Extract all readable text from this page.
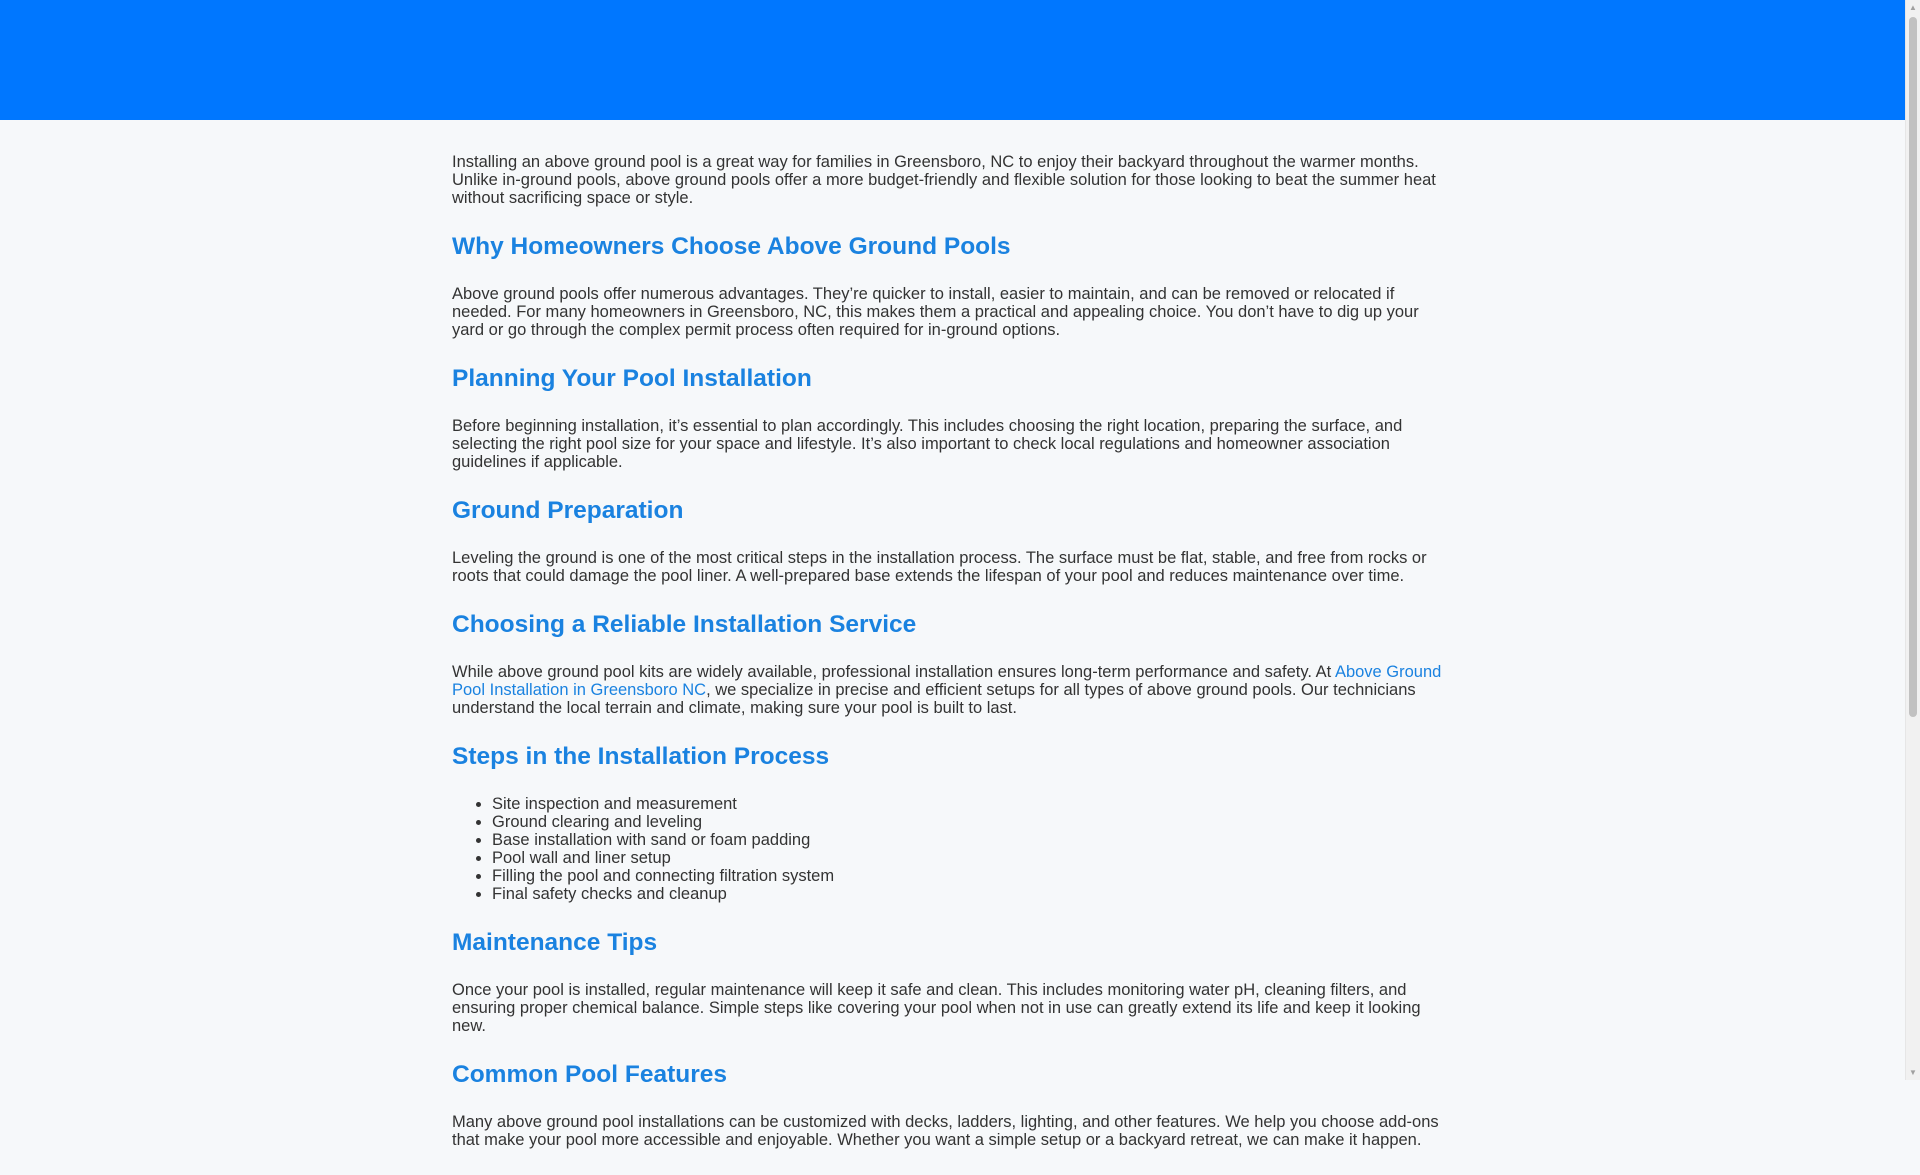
Installing an above ground pool is a great way for families in Greensboro, NC to enjoy their backyard throughout the warmer months. Unlike in-ground pools, above ground pools offer a more budget-friendly and flexible solution for those looking to beat the summer heat without sacrificing space or style.

Why Homeowners Choose Above Ground Pools

Above ground pools offer numerous advantages. They’re quicker to install, easier to maintain, and can be removed or relocated if needed. For many homeowners in Greensboro, NC, this makes them a practical and appealing choice. You don’t have to dig up your yard or go through the complex permit process often required for in-ground options.

Planning Your Pool Installation

Before beginning installation, it’s essential to plan accordingly. This includes choosing the right location, preparing the surface, and selecting the right pool size for your space and lifestyle. It’s also important to check local regulations and homeowner association guidelines if applicable.

Ground Preparation

Leveling the ground is one of the most critical steps in the installation process. The surface must be flat, stable, and free from rocks or roots that could damage the pool liner. A well-prepared base extends the lifespan of your pool and reduces maintenance over time.

Choosing a Reliable Installation Service

While above ground pool kits are widely available, professional installation ensures long-term performance and safety. At Above Ground Pool Installation in Greensboro NC, we specialize in precise and efficient setups for all types of above ground pools. Our technicians understand the local terrain and climate, making sure your pool is built to last.

Steps in the Installation Process
• Site inspection and measurement
• Ground clearing and leveling
• Base installation with sand or foam padding
• Pool wall and liner setup
• Filling the pool and connecting filtration system
• Final safety checks and cleanup
Maintenance Tips

Once your pool is installed, regular maintenance will keep it safe and clean. This includes monitoring water pH, cleaning filters, and ensuring proper chemical balance. Simple steps like covering your pool when not in use can greatly extend its life and keep it looking new.

Common Pool Features

Many above ground pool installations can be customized with decks, ladders, lighting, and other features. We help you choose add-ons that make your pool more accessible and enjoyable. Whether you want a simple setup or a backyard retreat, we can make it happen.

▲
▼
